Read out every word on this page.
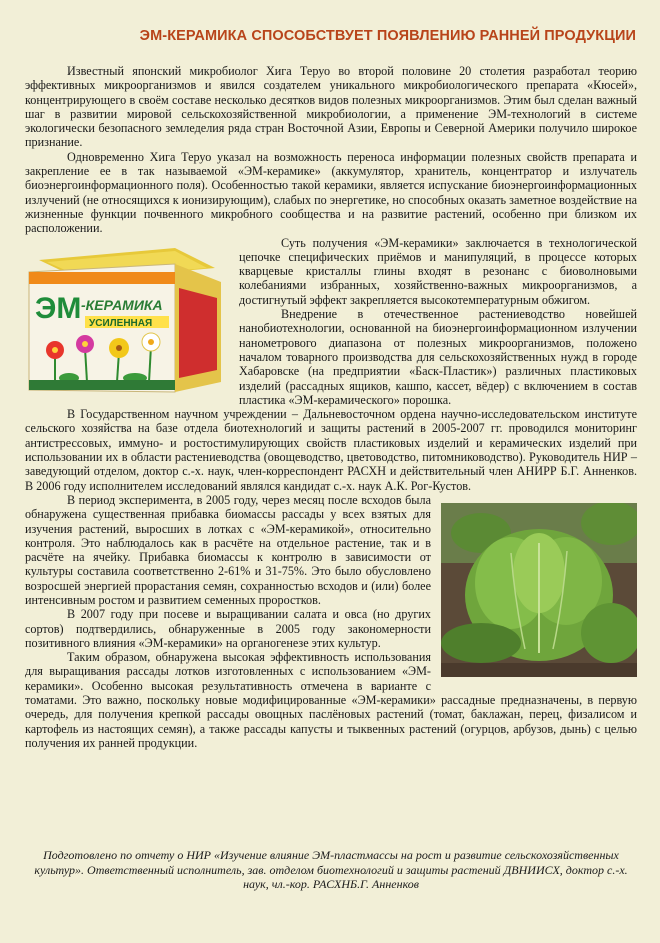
ЭМ-КЕРАМИКА СПОСОБСТВУЕТ ПОЯВЛЕНИЮ РАННЕЙ ПРОДУКЦИИ

Известный японский микробиолог Хига Теруо во второй половине 20 столетия разработал теорию эффективных микроорганизмов и явился создателем уникального микробиологического препарата «Кюсей», концентрирующего в своём составе несколько десятков видов полезных микроорганизмов. Этим был сделан важный шаг в развитии мировой сельскохозяйственной микробиологии, а применение ЭМ-технологий в системе экологически безопасного земледелия ряда стран Восточной Азии, Европы и Северной Америки получило широкое признание.

Одновременно Хига Теруо указал на возможность переноса информации полезных свойств препарата и закрепление ее в так называемой «ЭМ-керамике» (аккумулятор, хранитель, концентратор и излучатель биоэнергоинформационного поля). Особенностью такой керамики, является испускание биоэнергоинформационных излучений (не относящихся к ионизирующим), слабых по энергетике, но способных оказать заметное воздействие на жизненные функции почвенного микробного сообщества и на развитие растений, особенно при близком их расположении.

ЭМ -КЕРАМИКА
УСИЛЕННАЯ

Суть получения «ЭМ-керамики» заключается в технологической цепочке специфических приёмов и манипуляций, в процессе которых кварцевые кристаллы глины входят в резонанс с биоволновыми колебаниями избранных, хозяйственно-важных микроорганизмов, а достигнутый эффект закрепляется высокотемпературным обжигом.

Внедрение в отечественное растениеводство новейшей нанобиотехнологии, основанной на биоэнергоинформационном излучении нанометрового диапазона от полезных микроорганизмов, положено началом товарного производства для сельскохозяйственных нужд в городе Хабаровске (на предприятии «Баск-Пластик») различных пластиковых изделий (рассадных ящиков, кашпо, кассет, вёдер) с включением в состав пластика «ЭМ-керамического» порошка.

В Государственном научном учреждении – Дальневосточном ордена научно-исследовательском институте сельского хозяйства на базе отдела биотехнологий и защиты растений в 2005-2007 гг. проводился мониторинг антистрессовых, иммуно- и ростостимулирующих свойств пластиковых изделий и керамических изделий при использовании их в области растениеводства (овощеводство, цветоводство, питомниководство). Руководитель НИР – заведующий отделом, доктор с.-х. наук, член-корреспондент РАСХН и действительный член АНИРР Б.Г. Анненков. В 2006 году исполнителем исследований являлся кандидат с.-х. наук А.К. Рог-Кустов.

В период эксперимента, в 2005 году, через месяц после всходов была обнаружена существенная прибавка биомассы рассады у всех взятых для изучения растений, выросших в лотках с «ЭМ-керамикой», относительно контроля. Это наблюдалось как в расчёте на отдельное растение, так и в расчёте на ячейку. Прибавка биомассы к контролю в зависимости от культуры составила соответственно 2-61% и 31-75%. Это было обусловлено возросшей энергией прорастания семян, сохранностью всходов и (или) более интенсивным ростом и развитием семенных проростков.

В 2007 году при посеве и выращивании салата и овса (но других сортов) подтвердились, обнаруженные в 2005 году закономерности позитивного влияния «ЭМ-керамики» на органогенезе этих культур.

Таким образом, обнаружена высокая эффективность использования для выращивания рассады лотков изготовленных с использованием «ЭМ-керамики». Особенно высокая результативность отмечена в варианте с томатами. Это важно, поскольку новые модифицированные «ЭМ-керамики» рассадные предназначены, в первую очередь, для получения крепкой рассады овощных паслёновых растений (томат, баклажан, перец, физалисом и картофель из настоящих семян), а также рассады капусты и тыквенных растений (огурцов, арбузов, дынь) с целью получения их ранней продукции.

Подготовлено по отчету о НИР «Изучение влияние ЭМ-пластмассы на рост и развитие сельскохозяйственных культур». Ответственный исполнитель, зав. отделом биотехнологий и защиты растений ДВНИИСХ, доктор с.-х. наук, чл.-кор. РАСХНБ.Г. Анненков
